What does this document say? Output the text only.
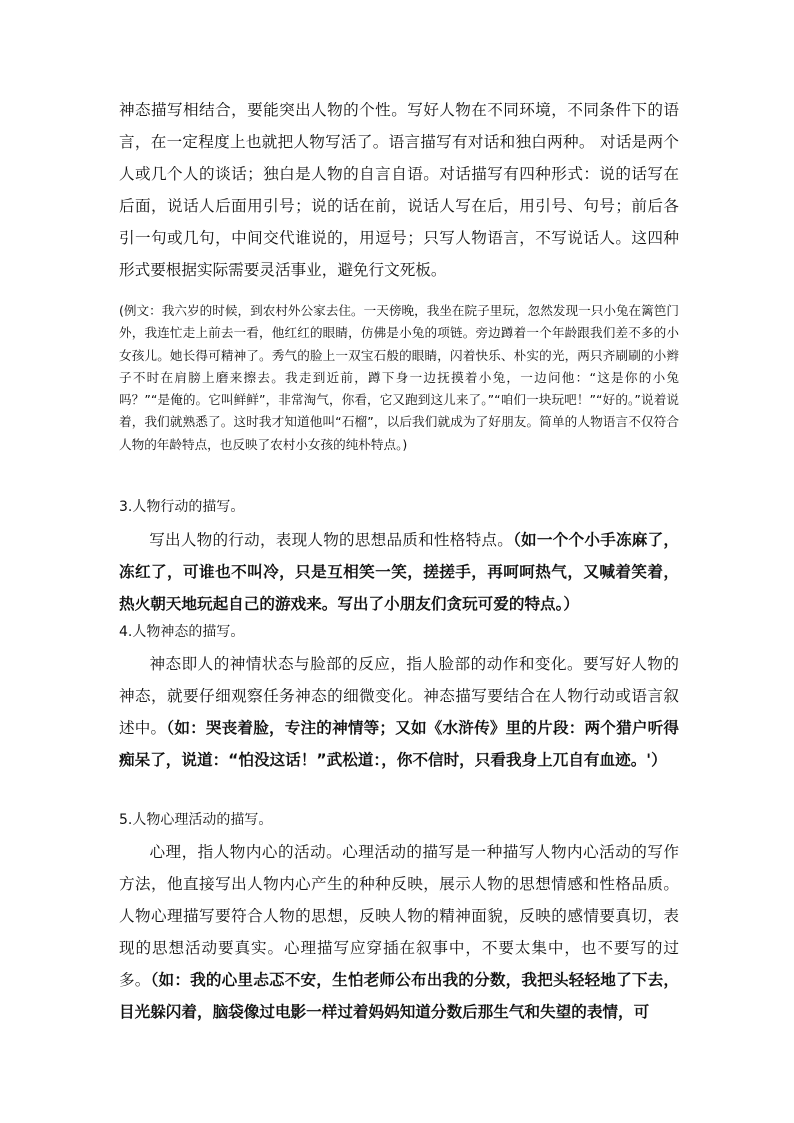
神态描写相结合，要能突出人物的个性。写好人物在不同环境，不同条件下的语言，在一定程度上也就把人物写活了。语言描写有对话和独白两种。 对话是两个人或几个人的谈话；独白是人物的自言自语。对话描写有四种形式：说的话写在后面，说话人后面用引号；说的话在前，说话人写在后，用引号、句号；前后各引一句或几句，中间交代谁说的，用逗号；只写人物语言，不写说话人。这四种形式要根据实际需要灵活事业，避免行文死板。

(例文：我六岁的时候，到农村外公家去住。一天傍晚，我坐在院子里玩，忽然发现一只小兔在篱笆门外，我连忙走上前去一看，他红红的眼睛，仿佛是小兔的项链。旁边蹲着一个年龄跟我们差不多的小女孩儿。她长得可精神了。秀气的脸上一双宝石般的眼睛，闪着快乐、朴实的光，两只齐刷刷的小辫子不时在肩膀上磨来擦去。我走到近前，蹲下身一边抚摸着小兔，一边问他：“这是你的小兔吗？”“是俺的。它叫鲜鲜”，非常淘气，你看，它又跑到这儿来了。”“咱们一块玩吧！”“好的。”说着说着，我们就熟悉了。这时我才知道他叫“石榴”，以后我们就成为了好朋友。简单的人物语言不仅符合人物的年龄特点，也反映了农村小女孩的纯朴特点。)

3.人物行动的描写。

写出人物的行动，表现人物的思想品质和性格特点。（如一个个小手冻麻了，冻红了，可谁也不叫冷，只是互相笑一笑，搓搓手，再呵呵热气，又喊着笑着，热火朝天地玩起自己的游戏来。写出了小朋友们贪玩可爱的特点。）

4.人物神态的描写。

神态即人的神情状态与脸部的反应，指人脸部的动作和变化。要写好人物的神态，就要仔细观察任务神态的细微变化。神态描写要结合在人物行动或语言叙述中。（如：哭丧着脸，专注的神情等；又如《水浒传》里的片段：两个猎户听得痴呆了，说道：“怕没这话！”武松道：，你不信时，只看我身上兀自有血迹。'）

5.人物心理活动的描写。

心理，指人物内心的活动。心理活动的描写是一种描写人物内心活动的写作方法，他直接写出人物内心产生的种种反映，展示人物的思想情感和性格品质。人物心理描写要符合人物的思想，反映人物的精神面貌，反映的感情要真切，表现的思想活动要真实。心理描写应穿插在叙事中，不要太集中，也不要写的过多。（如：我的心里忐忑不安，生怕老师公布出我的分数，我把头轻轻地了下去，目光躲闪着，脑袋像过电影一样过着妈妈知道分数后那生气和失望的表情，可
